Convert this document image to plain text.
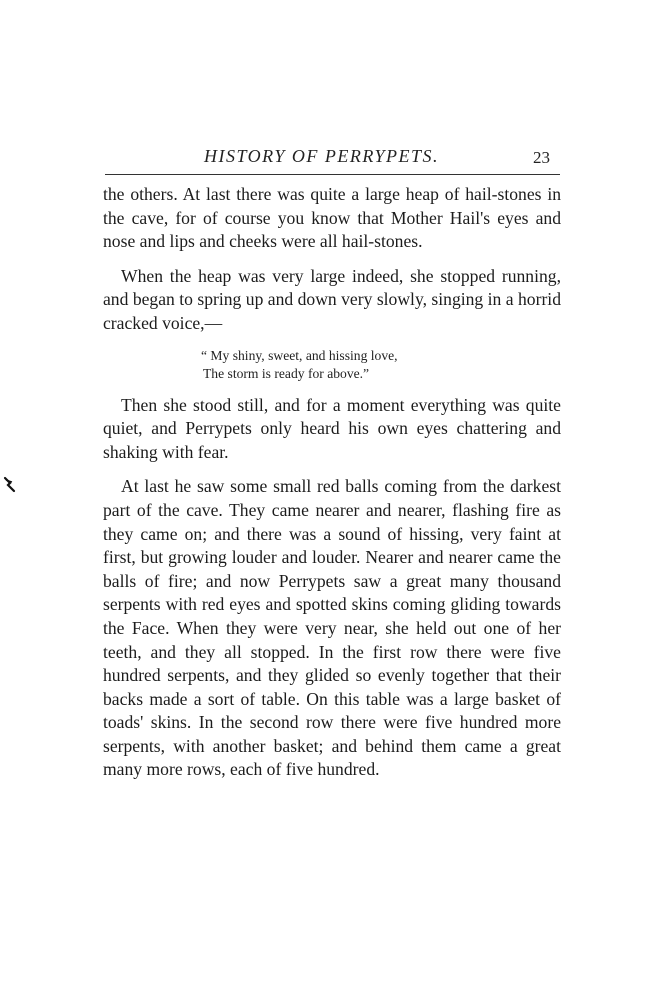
HISTORY OF PERRYPETS.	23

the others. At last there was quite a large heap of hail-stones in the cave, for of course you know that Mother Hail's eyes and nose and lips and cheeks were all hail-stones.

When the heap was very large indeed, she stopped running, and began to spring up and down very slowly, singing in a horrid cracked voice,—

“ My shiny, sweet, and hissing love,
The storm is ready for above.”

Then she stood still, and for a moment everything was quite quiet, and Perrypets only heard his own eyes chattering and shaking with fear.

At last he saw some small red balls coming from the darkest part of the cave. They came nearer and nearer, flashing fire as they came on; and there was a sound of hissing, very faint at first, but growing louder and louder. Nearer and nearer came the balls of fire; and now Perrypets saw a great many thousand serpents with red eyes and spotted skins coming gliding towards the Face. When they were very near, she held out one of her teeth, and they all stopped. In the first row there were five hundred serpents, and they glided so evenly together that their backs made a sort of table. On this table was a large basket of toads' skins. In the second row there were five hundred more serpents, with another basket; and behind them came a great many more rows, each of five hundred.
